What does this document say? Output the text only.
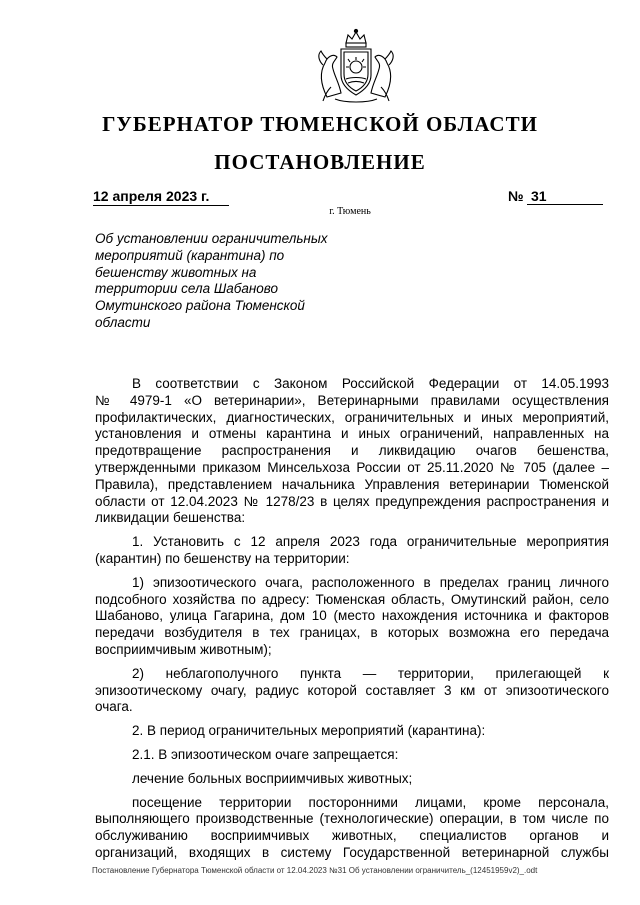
ГУБЕРНАТОР ТЮМЕНСКОЙ ОБЛАСТИ
ПОСТАНОВЛЕНИЕ
12 апреля 2023 г.	№ 31
г. Тюмень
Об установлении ограничительных
мероприятий (карантина) по
бешенству животных на
территории села Шабаново
Омутинского района Тюменской
области
В соответствии с Законом Российской Федерации от 14.05.1993
№ 4979-1 «О ветеринарии», Ветеринарными правилами осуществления
профилактических, диагностических, ограничительных и иных мероприятий,
установления и отмены карантина и иных ограничений, направленных на
предотвращение распространения и ликвидацию очагов бешенства,
утвержденными приказом Минсельхоза России от 25.11.2020 № 705 (далее –
Правила), представлением начальника Управления ветеринарии Тюменской
области от 12.04.2023 № 1278/23 в целях предупреждения распространения и
ликвидации бешенства:
1. Установить с 12 апреля 2023 года ограничительные мероприятия
(карантин) по бешенству на территории:
1) эпизоотического очага, расположенного в пределах границ личного
подсобного хозяйства по адресу: Тюменская область, Омутинский район, село
Шабаново, улица Гагарина, дом 10 (место нахождения источника и факторов
передачи возбудителя в тех границах, в которых возможна его передача
восприимчивым животным);
2) неблагополучного пункта — территории, прилегающей к
эпизоотическому очагу, радиус которой составляет 3 км от эпизоотического
очага.
2. В период ограничительных мероприятий (карантина):
2.1. В эпизоотическом очаге запрещается:
лечение больных восприимчивых животных;
посещение территории посторонними лицами, кроме персонала,
выполняющего производственные (технологические) операции, в том числе по
обслуживанию восприимчивых животных, специалистов органов и
организаций, входящих в систему Государственной ветеринарной службы
Постановление Губернатора Тюменской области от 12.04.2023 №31 Об установлении ограничитель_(12451959v2)_.odt
